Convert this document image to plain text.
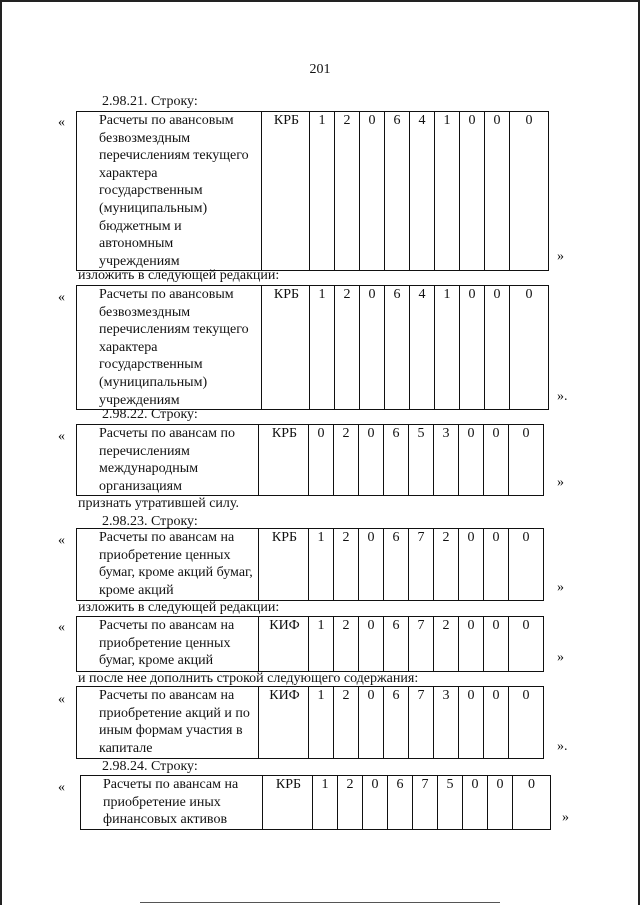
201
2.98.21. Строку:
«
»
Расчеты по авансовым безвозмездным перечислениям текущего характера государственным (муниципальным) бюджетным и автономным учреждениям	КРБ	1	2	0	6	4	1	0	0	0
изложить в следующей редакции:
«
».
Расчеты по авансовым безвозмездным перечислениям текущего характера государственным (муниципальным) учреждениям	КРБ	1	2	0	6	4	1	0	0	0
2.98.22. Строку:
«
»
Расчеты по авансам по перечислениям международным организациям	КРБ	0	2	0	6	5	3	0	0	0
признать утратившей силу.
2.98.23. Строку:
«
»
Расчеты по авансам на приобретение ценных бумаг, кроме акций бумаг, кроме акций	КРБ	1	2	0	6	7	2	0	0	0
изложить в следующей редакции:
«
»
Расчеты по авансам на приобретение ценных бумаг, кроме акций	КИФ	1	2	0	6	7	2	0	0	0
и после нее дополнить строкой следующего содержания:
«
».
Расчеты по авансам на приобретение акций и по иным формам участия в капитале	КИФ	1	2	0	6	7	3	0	0	0
2.98.24. Строку:
«
»
Расчеты по авансам на приобретение иных финансовых активов	КРБ	1	2	0	6	7	5	0	0	0
